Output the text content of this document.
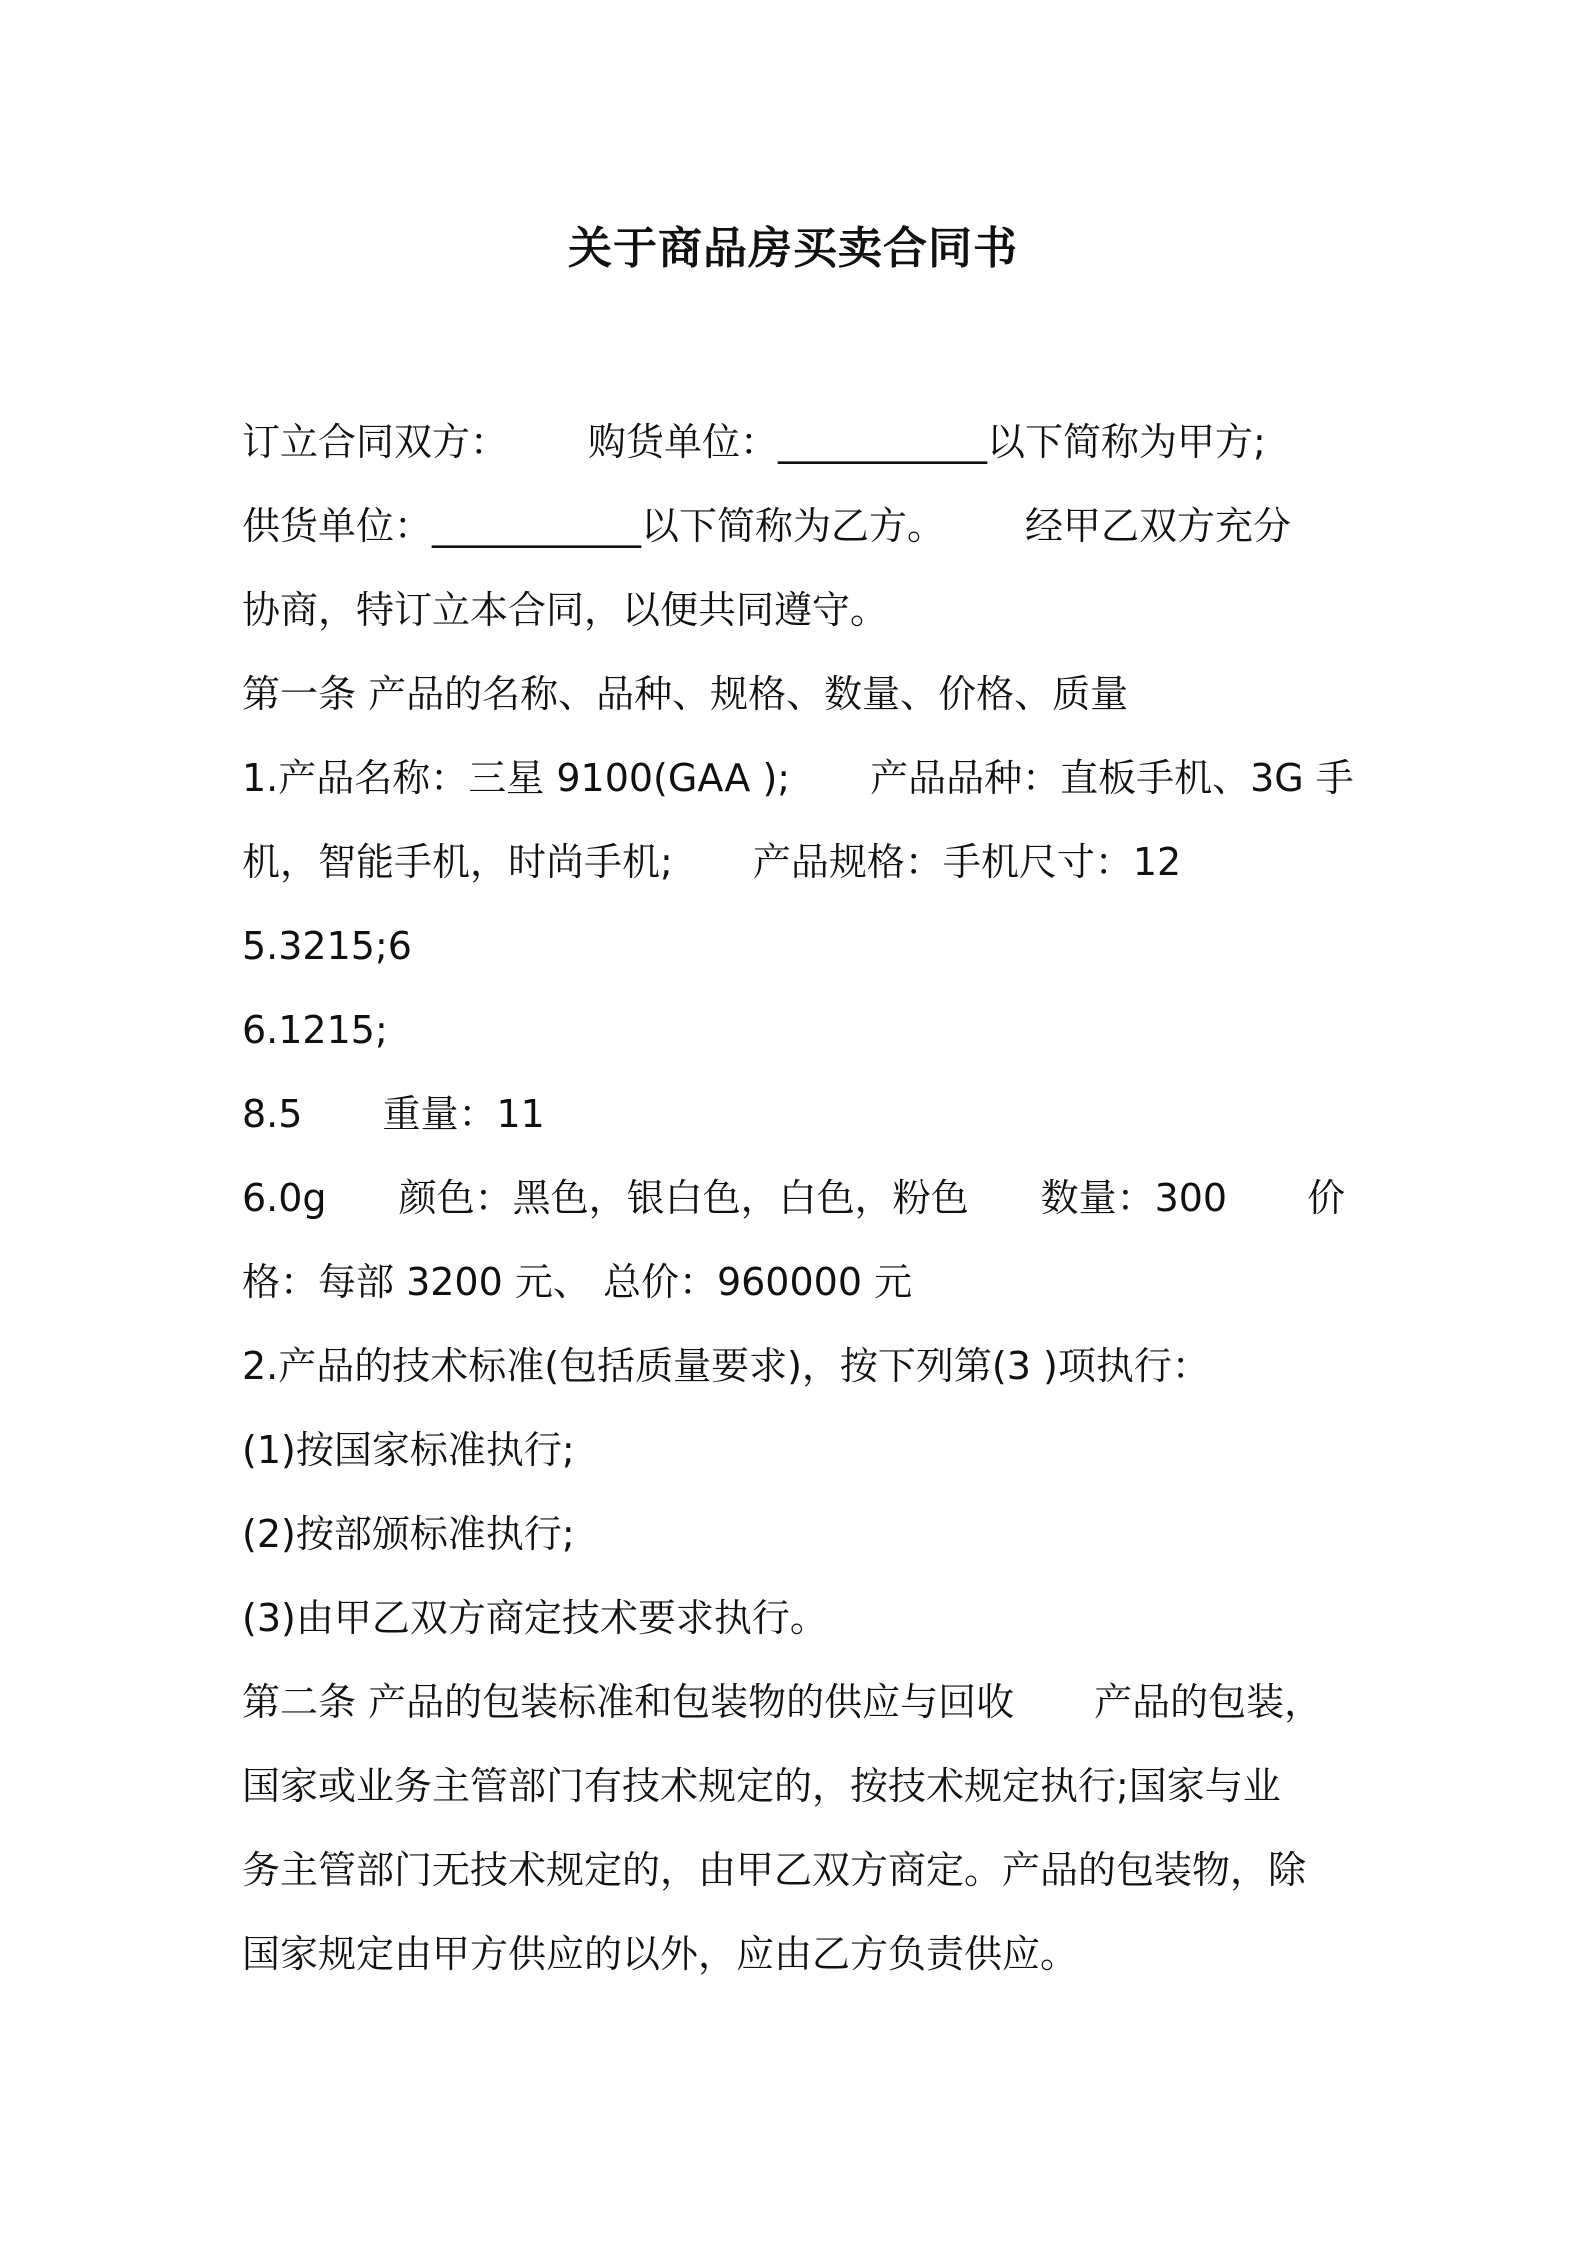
关于商品房买卖合同书
订立合同双方： 购货单位：___________以下简称为甲方;
供货单位：___________以下简称为乙方。 经甲乙双方充分
协商，特订立本合同，以便共同遵守。
第一条 产品的名称、品种、规格、数量、价格、质量
1.产品名称：三星 9100(GAA ); 产品品种：直板手机、3G 手
机，智能手机，时尚手机; 产品规格：手机尺寸：12
5.3215;6
6.1215;
8.5 重量：11
6.0g 颜色：黑色，银白色，白色，粉色 数量：300 价
格：每部 3200 元、 总价：960000 元
2.产品的技术标准(包括质量要求)，按下列第(3 )项执行：
(1)按国家标准执行;
(2)按部颁标准执行;
(3)由甲乙双方商定技术要求执行。
第二条 产品的包装标准和包装物的供应与回收 产品的包装，
国家或业务主管部门有技术规定的，按技术规定执行;国家与业
务主管部门无技术规定的，由甲乙双方商定。产品的包装物，除
国家规定由甲方供应的以外，应由乙方负责供应。
